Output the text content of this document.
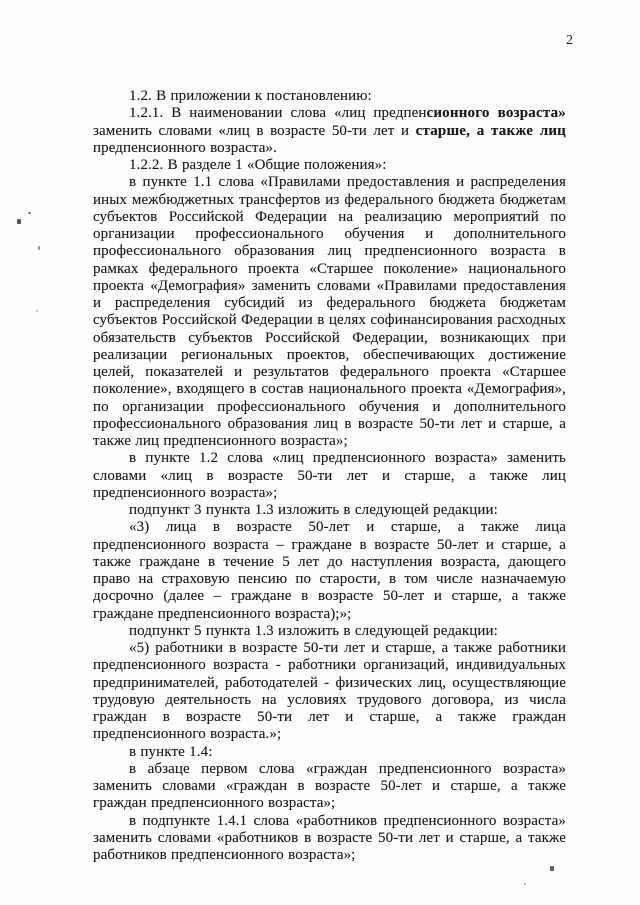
2

1.2. В приложении к постановлению:

1.2.1. В наименовании слова «лиц предпенсионного возраста» заменить словами «лиц в возрасте 50-ти лет и старше, а также лиц предпенсионного возраста».

1.2.2. В разделе 1 «Общие положения»:

в пункте 1.1 слова «Правилами предоставления и распределения иных межбюджетных трансфертов из федерального бюджета бюджетам субъектов Российской Федерации на реализацию мероприятий по организации профессионального обучения и дополнительного профессионального образования лиц предпенсионного возраста в рамках федерального проекта «Старшее поколение» национального проекта «Демография» заменить словами «Правилами предоставления и распределения субсидий из федерального бюджета бюджетам субъектов Российской Федерации в целях софинансирования расходных обязательств субъектов Российской Федерации, возникающих при реализации региональных проектов, обеспечивающих достижение целей, показателей и результатов федерального проекта «Старшее поколение», входящего в состав национального проекта «Демография», по организации профессионального обучения и дополнительного профессионального образования лиц в возрасте 50-ти лет и старше, а также лиц предпенсионного возраста»;

в пункте 1.2 слова «лиц предпенсионного возраста» заменить словами «лиц в возрасте 50-ти лет и старше, а также лиц предпенсионного возраста»;

подпункт 3 пункта 1.3 изложить в следующей редакции:

«3) лица в возрасте 50-лет и старше, а также лица предпенсионного возраста – граждане в возрасте 50-лет и старше, а также граждане в течение 5 лет до наступления возраста, дающего право на страховую пенсию по старости, в том числе назначаемую досрочно (далее – граждане в возрасте 50-лет и старше, а также граждане предпенсионного возраста);»;

подпункт 5 пункта 1.3 изложить в следующей редакции:

«5) работники в возрасте 50-ти лет и старше, а также работники предпенсионного возраста - работники организаций, индивидуальных предпринимателей, работодателей - физических лиц, осуществляющие трудовую деятельность на условиях трудового договора, из числа граждан в возрасте 50-ти лет и старше, а также граждан предпенсионного возраста.»;

в пункте 1.4:

в абзаце первом слова «граждан предпенсионного возраста» заменить словами «граждан в возрасте 50-лет и старше, а также граждан предпенсионного возраста»;

в подпункте 1.4.1 слова «работников предпенсионного возраста» заменить словами «работников в возрасте 50-ти лет и старше, а также работников предпенсионного возраста»;
